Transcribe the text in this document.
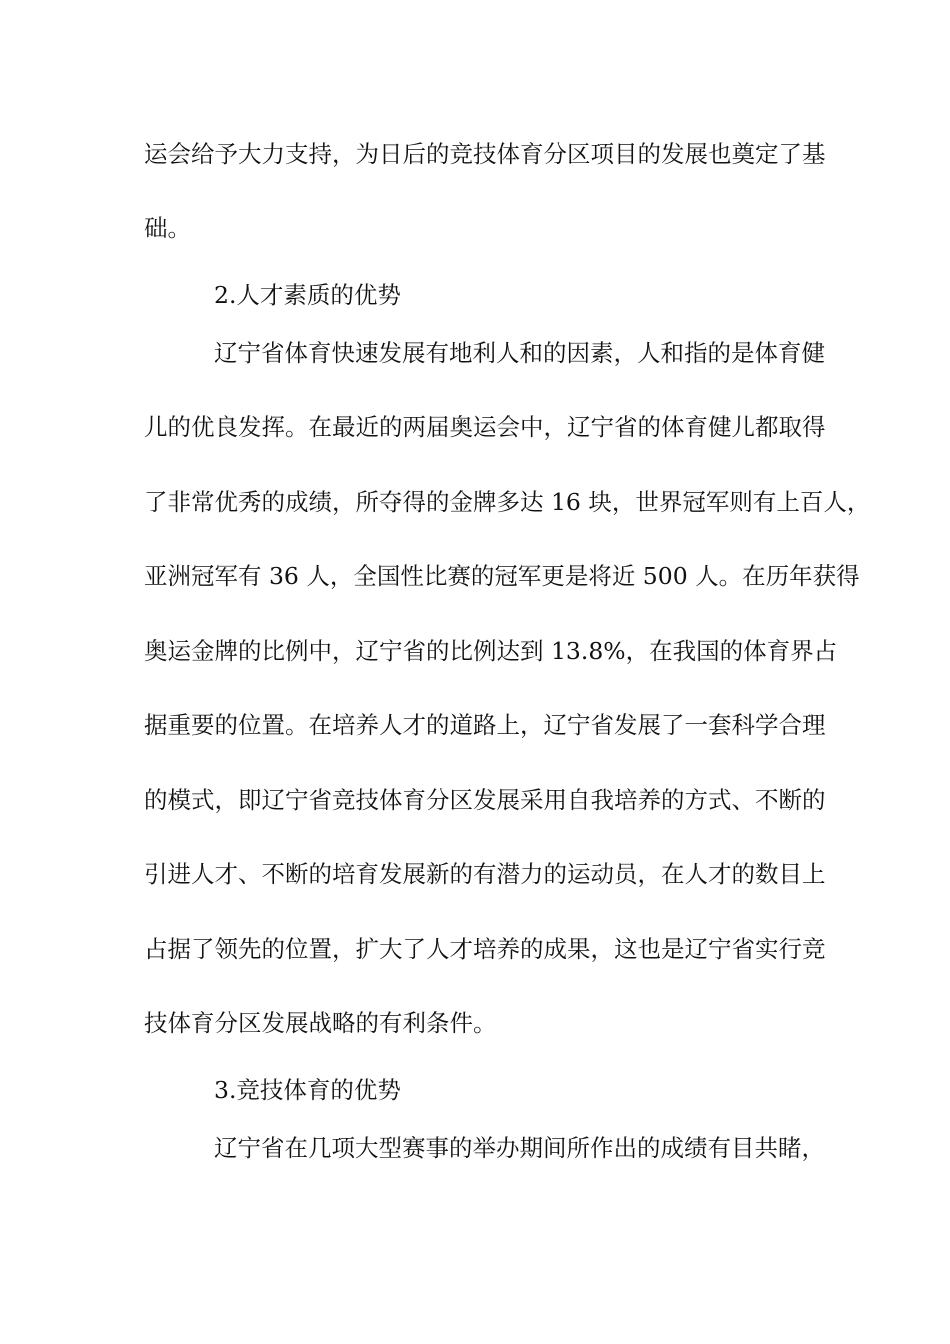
运会给予大力支持，为日后的竞技体育分区项目的发展也奠定了基

础。

2.人才素质的优势

辽宁省体育快速发展有地利人和的因素，人和指的是体育健

儿的优良发挥。在最近的两届奥运会中，辽宁省的体育健儿都取得

了非常优秀的成绩，所夺得的金牌多达 16 块，世界冠军则有上百人，

亚洲冠军有 36 人，全国性比赛的冠军更是将近 500 人。在历年获得

奥运金牌的比例中，辽宁省的比例达到 13.8%，在我国的体育界占

据重要的位置。在培养人才的道路上，辽宁省发展了一套科学合理

的模式，即辽宁省竞技体育分区发展采用自我培养的方式、不断的

引进人才、不断的培育发展新的有潜力的运动员，在人才的数目上

占据了领先的位置，扩大了人才培养的成果，这也是辽宁省实行竞

技体育分区发展战略的有利条件。

3.竞技体育的优势

辽宁省在几项大型赛事的举办期间所作出的成绩有目共睹，
